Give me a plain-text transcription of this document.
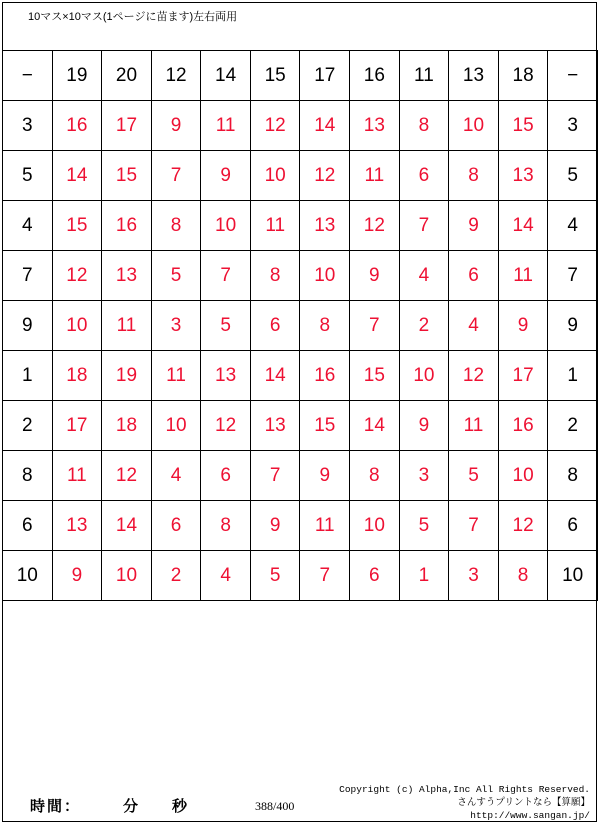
10マス×10マス(1ページに苗ます)左右両用
−	19	20	12	14	15	17	16	11	13	18	−
3	16	17	9	11	12	14	13	8	10	15	3
5	14	15	7	9	10	12	11	6	8	13	5
4	15	16	8	10	11	13	12	7	9	14	4
7	12	13	5	7	8	10	9	4	6	11	7
9	10	11	3	5	6	8	7	2	4	9	9
1	18	19	11	13	14	16	15	10	12	17	1
2	17	18	10	12	13	15	14	9	11	16	2
8	11	12	4	6	7	9	8	3	5	10	8
6	13	14	6	8	9	11	10	5	7	12	6
10	9	10	2	4	5	7	6	1	3	8	10
時間：	分 秒	388/400
Copyright (c) Alpha,Inc All Rights Reserved.
さんすうプリントなら【算願】
http://www.sangan.jp/
